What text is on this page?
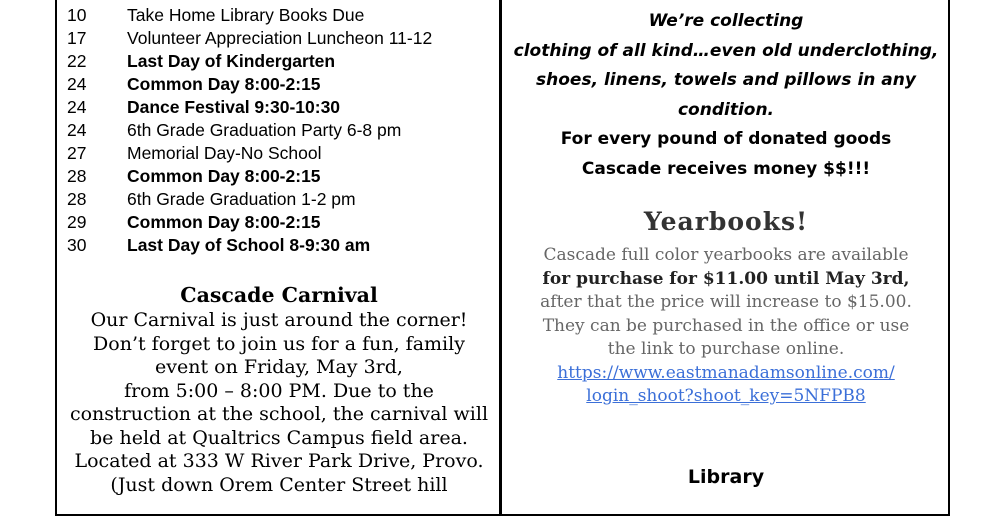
10	Take Home Library Books Due
17	Volunteer Appreciation Luncheon 11-12
22	Last Day of Kindergarten
24	Common Day 8:00-2:15
24	Dance Festival 9:30-10:30
24	6th Grade Graduation Party 6-8 pm
27	Memorial Day-No School
28	Common Day 8:00-2:15
28	6th Grade Graduation 1-2 pm
29	Common Day 8:00-2:15
30	Last Day of School 8-9:30 am
Cascade Carnival

Our Carnival is just around the corner!

Don’t forget to join us for a fun, family

event on Friday, May 3rd,

from 5:00 – 8:00 PM. Due to the

construction at the school, the carnival will

be held at Qualtrics Campus field area.

Located at 333 W River Park Drive, Provo.

(Just down Orem Center Street hill

We’re collecting

clothing of all kind…even old underclothing,

shoes, linens, towels and pillows in any

condition.

For every pound of donated goods

Cascade receives money $$!!!

Yearbooks!

Cascade full color yearbooks are available

for purchase for $11.00 until May 3rd,

after that the price will increase to $15.00.

They can be purchased in the office or use

the link to purchase online.

https://www.eastmanadamsonline.com/

login_shoot?shoot_key=5NFPB8

Library
